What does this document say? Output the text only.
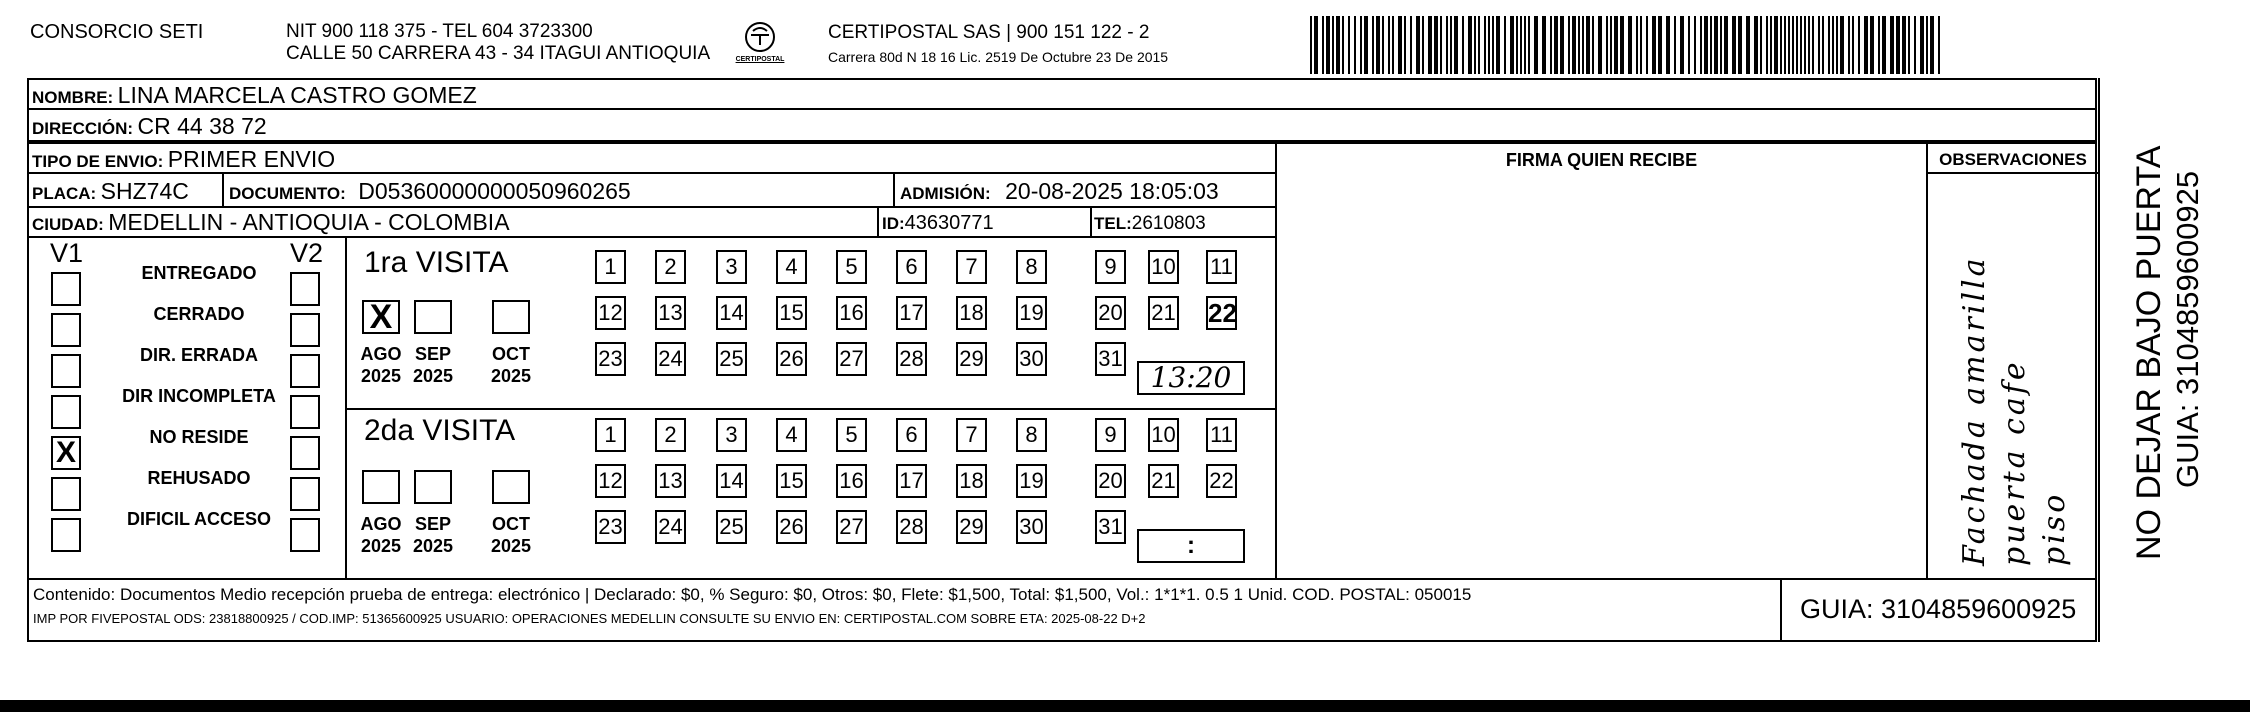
CONSORCIO SETI	NIT 900 118 375 - TEL 604 3723300
CALLE 50 CARRERA 43 - 34 ITAGUI ANTIOQUIA	CERTIPOSTAL
CERTIPOSTAL SAS | 900 151 122 - 2
Carrera 80d N 18 16 Lic. 2519 De Octubre 23 De 2015
NOMBRE: LINA MARCELA CASTRO GOMEZ
DIRECCIÓN: CR 44 38 72
TIPO DE ENVIO: PRIMER ENVIO
PLACA: SHZ74C DOCUMENTO: D05360000000050960265	ADMISIÓN: 20-08-2025 18:05:03
CIUDAD: MEDELLIN - ANTIOQUIA - COLOMBIA	ID:43630771	TEL:2610803
FIRMA QUIEN RECIBE	OBSERVACIONES
V1	V2
ENTREGADO
CERRADO
DIR. ERRADA
DIR INCOMPLETA
X	NO RESIDE
REHUSADO
DIFICIL ACCESO
1ra VISITA
X
AGO
2025
SEP
2025
OCT
2025
1	2	3	4	5	6	7	8	9	10 11
12 13 14 15 16 17 18 19 20 21 22
23 24 25 26 27 28 29 30 31
13:20
2da VISITA
AGO
2025
SEP
2025
OCT
2025
1	2	3	4	5	6	7	8	9	10 11
12 13 14 15 16 17 18 19 20 21 22
23 24 25 26 27 28 29 30 31
:	Fachada amarilla puerta cafe piso NO DEJAR BAJO PUERTA GUIA: 3104859600925
Contenido: Documentos Medio recepción prueba de entrega: electrónico | Declarado: $0, % Seguro: $0, Otros: $0, Flete: $1,500, Total: $1,500, Vol.: 1*1*1. 0.5 1 Unid. COD. POSTAL: 050015
IMP POR FIVEPOSTAL ODS: 23818800925 / COD.IMP: 51365600925 USUARIO: OPERACIONES MEDELLIN CONSULTE SU ENVIO EN: CERTIPOSTAL.COM SOBRE ETA: 2025-08-22 D+2	GUIA: 3104859600925
